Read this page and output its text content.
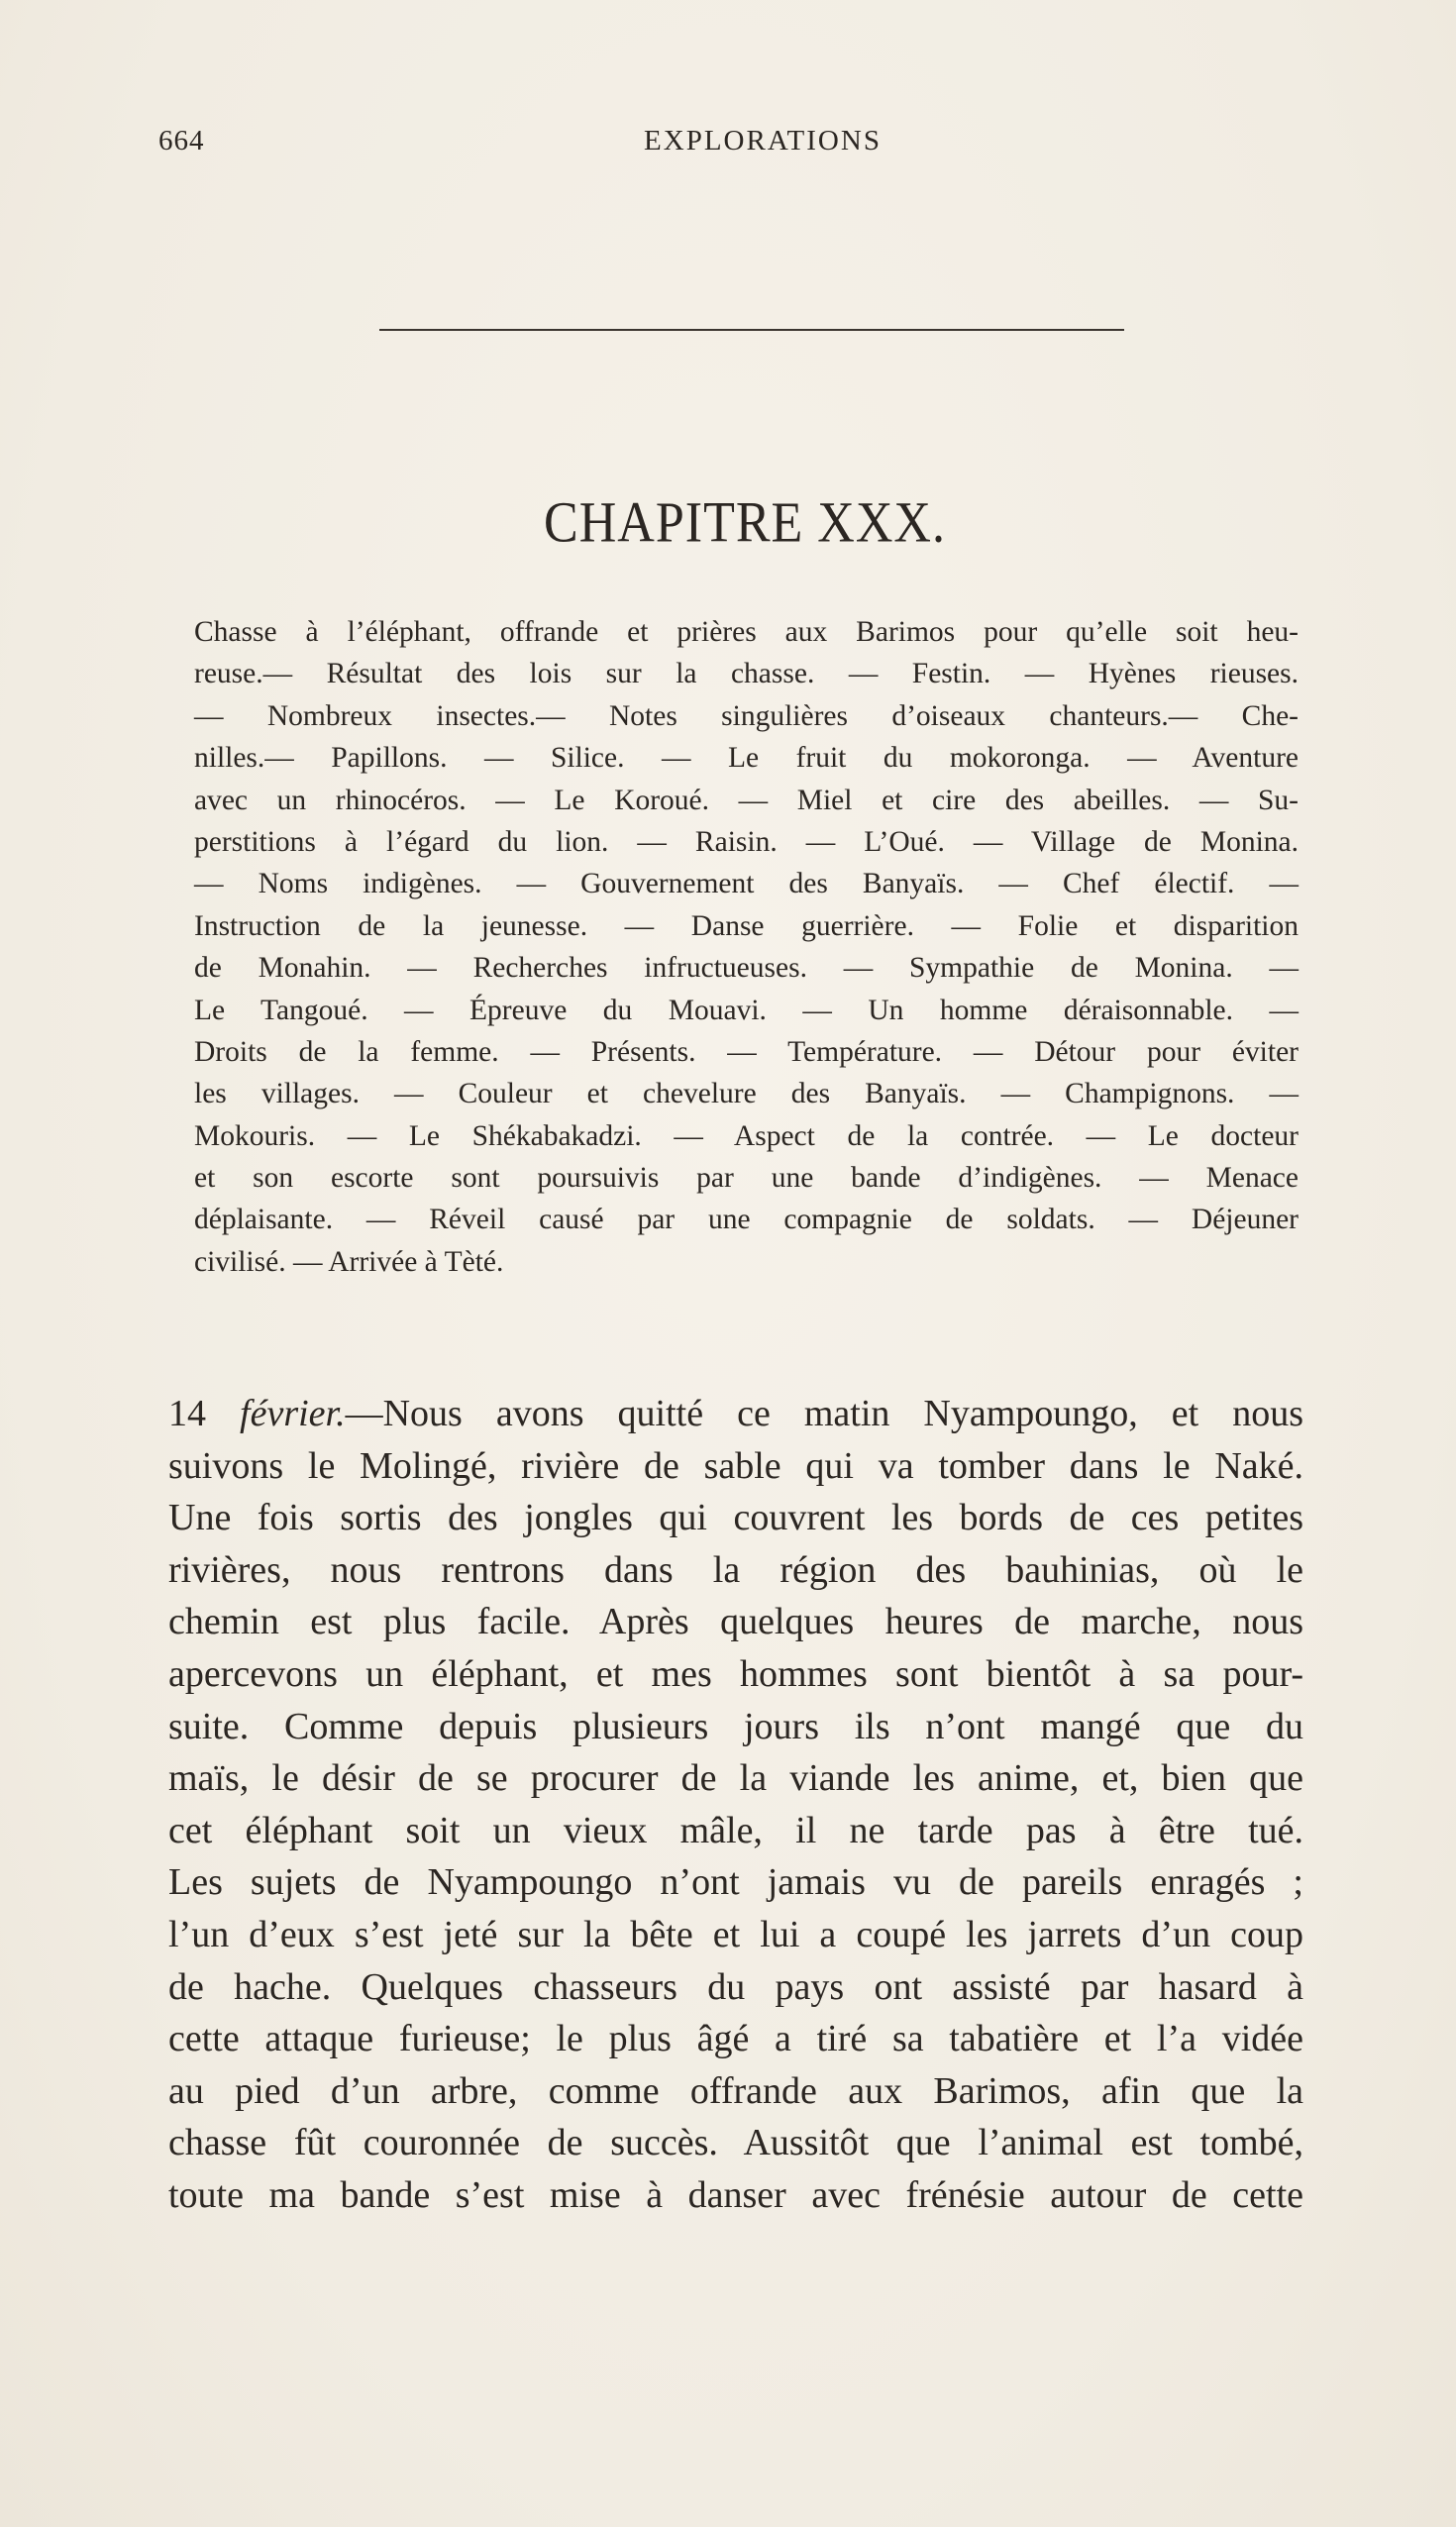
664	EXPLORATIONS
CHAPITRE XXX.
Chasse à l’éléphant, offrande et prières aux Barimos pour qu’elle soit heu-
reuse.— Résultat des lois sur la chasse. — Festin. — Hyènes rieuses.
— Nombreux insectes.— Notes singulières d’oiseaux chanteurs.— Che-
nilles.— Papillons. — Silice. — Le fruit du mokoronga. — Aventure
avec un rhinocéros. — Le Koroué. — Miel et cire des abeilles. — Su-
perstitions à l’égard du lion. — Raisin. — L’Oué. — Village de Monina.
— Noms indigènes. — Gouvernement des Banyaïs. — Chef électif. —
Instruction de la jeunesse. — Danse guerrière. — Folie et disparition
de Monahin. — Recherches infructueuses. — Sympathie de Monina. —
Le Tangoué. — Épreuve du Mouavi. — Un homme déraisonnable. —
Droits de la femme. — Présents. — Température. — Détour pour éviter
les villages. — Couleur et chevelure des Banyaïs. — Champignons. —
Mokouris. — Le Shékabakadzi. — Aspect de la contrée. — Le docteur
et son escorte sont poursuivis par une bande d’indigènes. — Menace
déplaisante. — Réveil causé par une compagnie de soldats. — Déjeuner
civilisé. — Arrivée à Tèté.
14 février.—Nous avons quitté ce matin Nyampoungo, et nous
suivons le Molingé, rivière de sable qui va tomber dans le Naké.
Une fois sortis des jongles qui couvrent les bords de ces petites
rivières, nous rentrons dans la région des bauhinias, où le
chemin est plus facile. Après quelques heures de marche, nous
apercevons un éléphant, et mes hommes sont bientôt à sa pour-
suite. Comme depuis plusieurs jours ils n’ont mangé que du
maïs, le désir de se procurer de la viande les anime, et, bien que
cet éléphant soit un vieux mâle, il ne tarde pas à être tué.
Les sujets de Nyampoungo n’ont jamais vu de pareils enragés ;
l’un d’eux s’est jeté sur la bête et lui a coupé les jarrets d’un coup
de hache. Quelques chasseurs du pays ont assisté par hasard à
cette attaque furieuse; le plus âgé a tiré sa tabatière et l’a vidée
au pied d’un arbre, comme offrande aux Barimos, afin que la
chasse fût couronnée de succès. Aussitôt que l’animal est tombé,
toute ma bande s’est mise à danser avec frénésie autour de cette
